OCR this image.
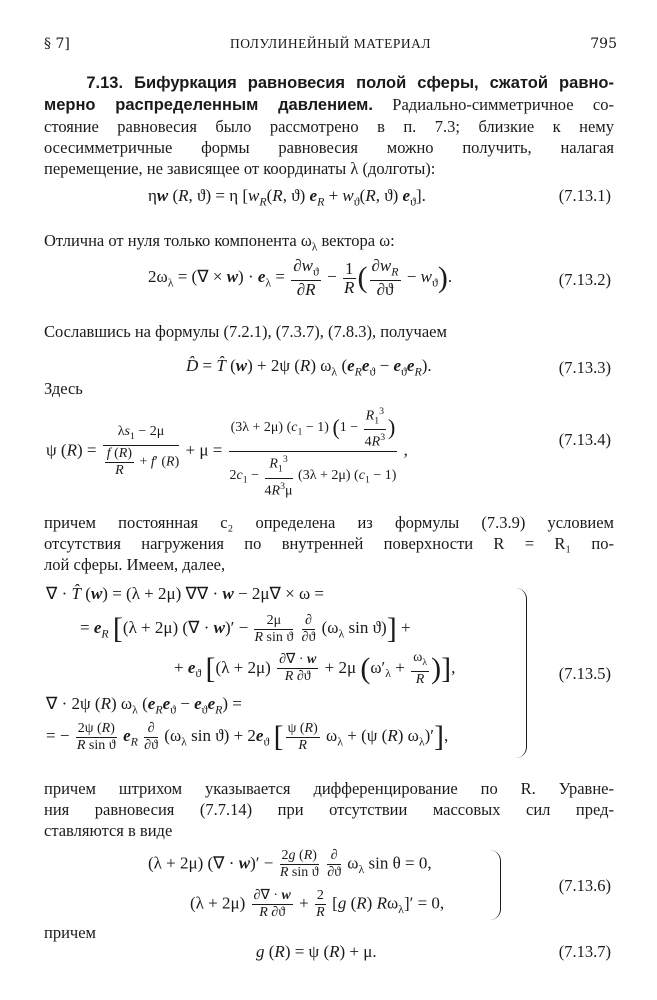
§ 7]	ПОЛУЛИНЕЙНЫЙ МАТЕРИАЛ	795
7.13. Бифуркация равновесия полой сферы, сжатой равно-
мерно распределенным давлением. Радиально-симметричное со-
стояние равновесия было рассмотрено в п. 7.3; близкие к нему
осесимметричные формы равновесия можно получить, налагая
перемещение, не зависящее от координаты λ (долготы):
ηw (R, ϑ) = η [$w_R(R$, ϑ) $e_R + w_ϑ(R$, ϑ) $e_ϑ$].	(7.13.1)
Отлична от нуля только компонента $\omega_\lambda$ вектора ω:
$2\omega_\lambda$ = (∇ × $w) \cdot e_\lambda = \frac{\partial w_ϑ}{\partial R} - \frac{1}{R}$ ( $\frac{\partial w_R}{\partial ϑ} - w_ϑ$).	(7.13.2)
Сославшись на формулы (7.2.1), (7.3.7), (7.8.3), получаем
D̂ = T̂ (w) + 2ψ (R) $\omega_\lambda$ $(e_Re_ϑ - e_ϑe_R)$.	(7.13.3)
Здесь
ψ $(R) = \frac{\lambda s_1 - 2\mu}{\frac{f (R)}{R} + f' (R)} + \mu = \frac{(3\lambda + 2\mu) (c_1 - 1) (1 - \frac{R_1^3}{4R^3} )}{2c_1 - \frac{R_1^3}{4R^3\mu} (3\lambda + 2\mu) (c_1 - 1)}$ ,
(7.13.4)
причем постоянная c₂ определена из формулы (7.3.9) условием
отсутствия нагружения по внутренней поверхности R = R₁ по-
лой сферы. Имеем, далее,
∇ · T̂ (w) = (λ + 2μ) ∇∇ · w − 2μ∇ × ω =
= $e_R$ [(λ + 2μ) (∇ · $w)' - \frac{2\mu}{\text{R sin ϑ}}$
$\frac{\partial}{\partial ϑ} (\omega_\lambda$ sin ϑ)] +
+ $e_ϑ$ [$(\lambda + 2\mu) \frac{\partial\nabla \cdot w}{R \partial ϑ} + 2\mu$ ($\omega'_\lambda + \frac{\omega_\lambda}{R}$ )],
∇ · 2ψ (R) $\omega_\lambda$ $(e_Re_ϑ - e_ϑe_R)$ =
= − $\frac{2\psi (R)}{\text{R sin ϑ}} e_R \frac{\partial}{\partial ϑ} (\omega_\lambda$ $\sin ϑ) + 2e_ϑ$ [ $\frac{\psi (R)}{R} \omega_\lambda + (\psi$ (R) $\omega_\lambda)'$],
(7.13.5)
причем штрихом указывается дифференцирование по R. Уравне-
ния равновесия (7.7.14) при отсутствии массовых сил пред-
ставляются в виде
(λ + 2μ) (∇ · $w)' - \frac{2g (R)}{\text{R sin ϑ}}$
$\frac{\partial}{\partial ϑ} \omega_\lambda$ sin θ = 0,
$(\lambda + 2\mu) \frac{\partial\nabla \cdot w}{R \partial ϑ} + \frac{2}{R} [g$ (R) $R\omega_\lambda]' = 0$,
(7.13.6)
причем
g (R) = ψ (R) + μ.	(7.13.7)
